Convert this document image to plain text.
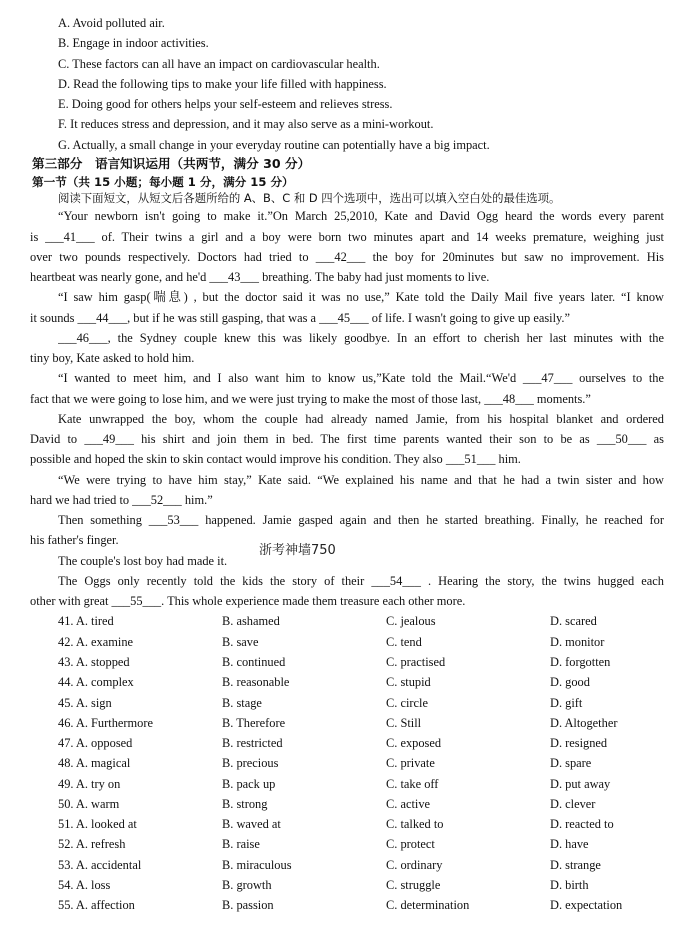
A. Avoid polluted air.
B. Engage in indoor activities.
C. These factors can all have an impact on cardiovascular health.
D. Read the following tips to make your life filled with happiness.
E. Doing good for others helps your self-esteem and relieves stress.
F. It reduces stress and depression, and it may also serve as a mini-workout.
G. Actually, a small change in your everyday routine can potentially have a big impact.
第三部分　语言知识运用（共两节，满分 30 分）
第一节（共 15 小题；每小题 1 分，满分 15 分）
阅读下面短文，从短文后各题所给的 A、B、C 和 D 四个选项中，选出可以填入空白处的最佳选项。
“Your newborn isn't going to make it.”On March 25,2010, Kate and David Ogg heard the words every parent
is ___41___ of. Their twins a girl and a boy were born two minutes apart and 14 weeks premature, weighing just
over two pounds respectively. Doctors had tried to ___42___ the boy for 20minutes but saw no improvement. His
heartbeat was nearly gone, and he'd ___43___ breathing. The baby had just moments to live.
“I saw him gasp(喘息) , but the doctor said it was no use,” Kate told the Daily Mail five years later. “I know
it sounds ___44___, but if he was still gasping, that was a ___45___ of life. I wasn't going to give up easily.”
___46___, the Sydney couple knew this was likely goodbye. In an effort to cherish her last minutes with the
tiny boy, Kate asked to hold him.
“I wanted to meet him, and I also want him to know us,”Kate told the Mail.“We'd ___47___ ourselves to the
fact that we were going to lose him, and we were just trying to make the most of those last, ___48___ moments.”
Kate unwrapped the boy, whom the couple had already named Jamie, from his hospital blanket and ordered
David to ___49___ his shirt and join them in bed. The first time parents wanted their son to be as ___50___ as
possible and hoped the skin to skin contact would improve his condition. They also ___51___ him.
“We were trying to have him stay,” Kate said. “We explained his name and that he had a twin sister and how
hard we had tried to ___52___ him.”
Then something ___53___ happened. Jamie gasped again and then he started breathing. Finally, he reached for
his father's finger.
浙考神墙750
The couple's lost boy had made it.
The Oggs only recently told the kids the story of their ___54___ . Hearing the story, the twins hugged each
other with great ___55___. This whole experience made them treasure each other more.
41. A. tired	B. ashamed	C. jealous	D. scared
42. A. examine	B. save	C. tend	D. monitor
43. A. stopped	B. continued	C. practised	D. forgotten
44. A. complex	B. reasonable	C. stupid	D. good
45. A. sign	B. stage	C. circle	D. gift
46. A. Furthermore	B. Therefore	C. Still	D. Altogether
47. A. opposed	B. restricted	C. exposed	D. resigned
48. A. magical	B. precious	C. private	D. spare
49. A. try on	B. pack up	C. take off	D. put away
50. A. warm	B. strong	C. active	D. clever
51. A. looked at	B. waved at	C. talked to	D. reacted to
52. A. refresh	B. raise	C. protect	D. have
53. A. accidental	B. miraculous	C. ordinary	D. strange
54. A. loss	B. growth	C. struggle	D. birth
55. A. affection	B. passion	C. determination	D. expectation
